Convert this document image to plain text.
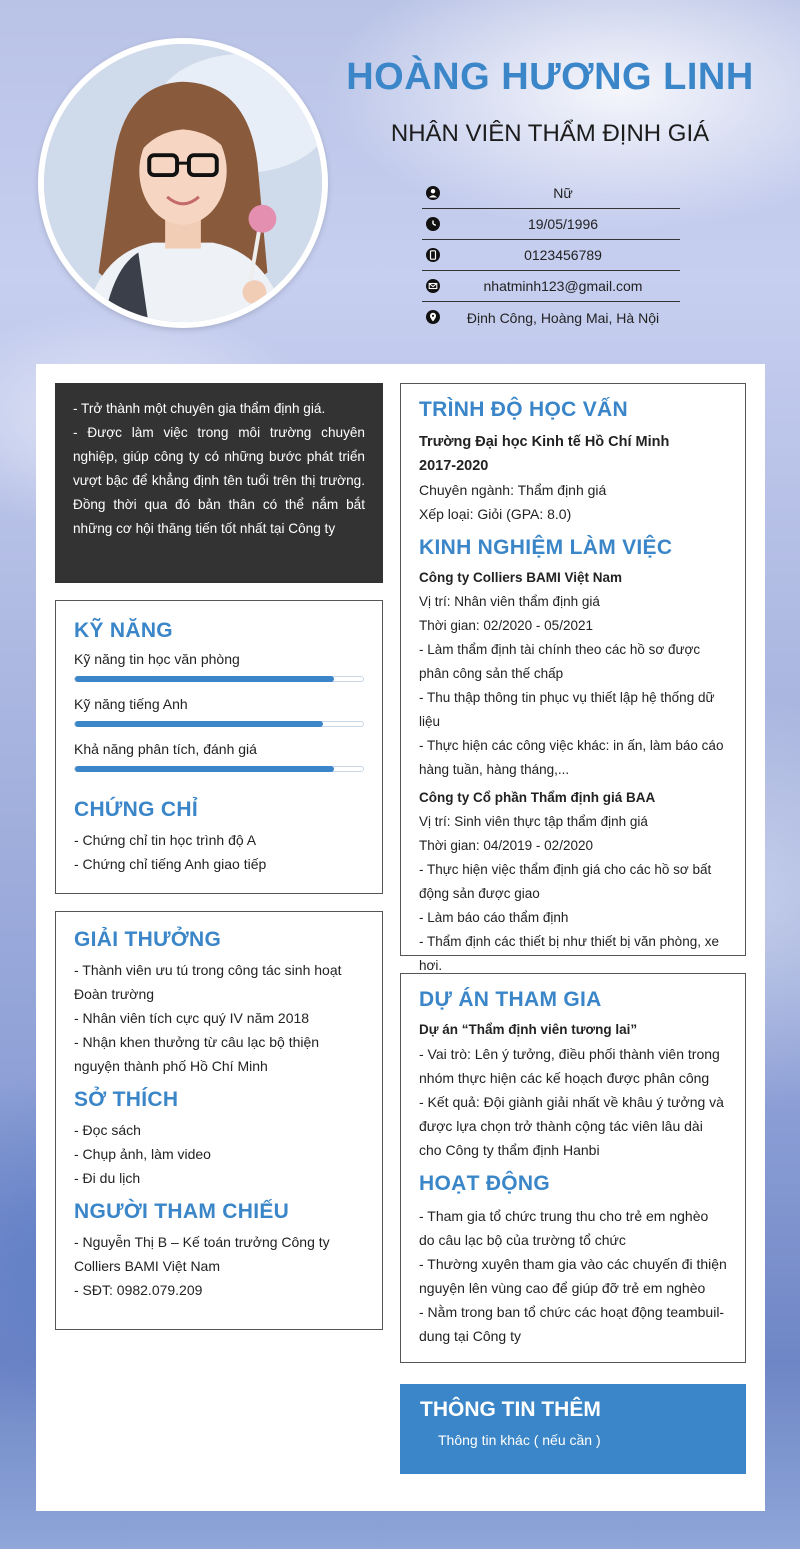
HOÀNG HƯƠNG LINH
NHÂN VIÊN THẨM ĐỊNH GIÁ
Nữ
19/05/1996
0123456789
nhatminh123@gmail.com
Định Công, Hoàng Mai, Hà Nội

- Trở thành một chuyên gia thẩm định giá.

- Được làm việc trong môi trường chuyên nghiệp, giúp công ty có những bước phát triển vượt bậc để khẳng định tên tuổi trên thị trường. Đồng thời qua đó bản thân có thể nắm bắt những cơ hội thăng tiến tốt nhất tại Công ty

KỸ NĂNG
Kỹ năng tin học văn phòng
Kỹ năng tiếng Anh
Khả năng phân tích, đánh giá
CHỨNG CHỈ
- Chứng chỉ tin học trình độ A
- Chứng chỉ tiếng Anh giao tiếp
GIẢI THƯỞNG
- Thành viên ưu tú trong công tác sinh hoạt Đoàn trường
- Nhân viên tích cực quý IV năm 2018
- Nhận khen thưởng từ câu lạc bộ thiện nguyện thành phố Hồ Chí Minh
SỞ THÍCH
- Đọc sách
- Chụp ảnh, làm video
- Đi du lịch
NGƯỜI THAM CHIẾU
- Nguyễn Thị B – Kế toán trưởng Công ty Colliers BAMI Việt Nam
- SĐT: 0982.079.209
TRÌNH ĐỘ HỌC VẤN
Trường Đại học Kinh tế Hồ Chí Minh
2017-2020
Chuyên ngành: Thẩm định giá
Xếp loại: Giỏi (GPA: 8.0)
KINH NGHIỆM LÀM VIỆC
Công ty Colliers BAMI Việt Nam
Vị trí: Nhân viên thẩm định giá
Thời gian: 02/2020 - 05/2021
- Làm thẩm định tài chính theo các hồ sơ được phân công sản thế chấp
- Thu thập thông tin phục vụ thiết lập hệ thống dữ liệu
- Thực hiện các công việc khác: in ấn, làm báo cáo hàng tuần, hàng tháng,...
Công ty Cổ phần Thẩm định giá BAA
Vị trí: Sinh viên thực tập thẩm định giá
Thời gian: 04/2019 - 02/2020
- Thực hiện việc thẩm định giá cho các hồ sơ bất động sản được giao
- Làm báo cáo thẩm định
- Thẩm định các thiết bị như thiết bị văn phòng, xe hơi.
DỰ ÁN THAM GIA
Dự án “Thẩm định viên tương lai”
- Vai trò: Lên ý tưởng, điều phối thành viên trong nhóm thực hiện các kế hoạch được phân công
- Kết quả: Đội giành giải nhất về khâu ý tưởng và được lựa chọn trở thành cộng tác viên lâu dài cho Công ty thẩm định Hanbi
HOẠT ĐỘNG
- Tham gia tổ chức trung thu cho trẻ em nghèo do câu lạc bộ của trường tổ chức
- Thường xuyên tham gia vào các chuyến đi thiện nguyện lên vùng cao để giúp đỡ trẻ em nghèo
- Nằm trong ban tổ chức các hoạt động teambuil-dung tại Công ty
THÔNG TIN THÊM
Thông tin khác ( nếu cần )
